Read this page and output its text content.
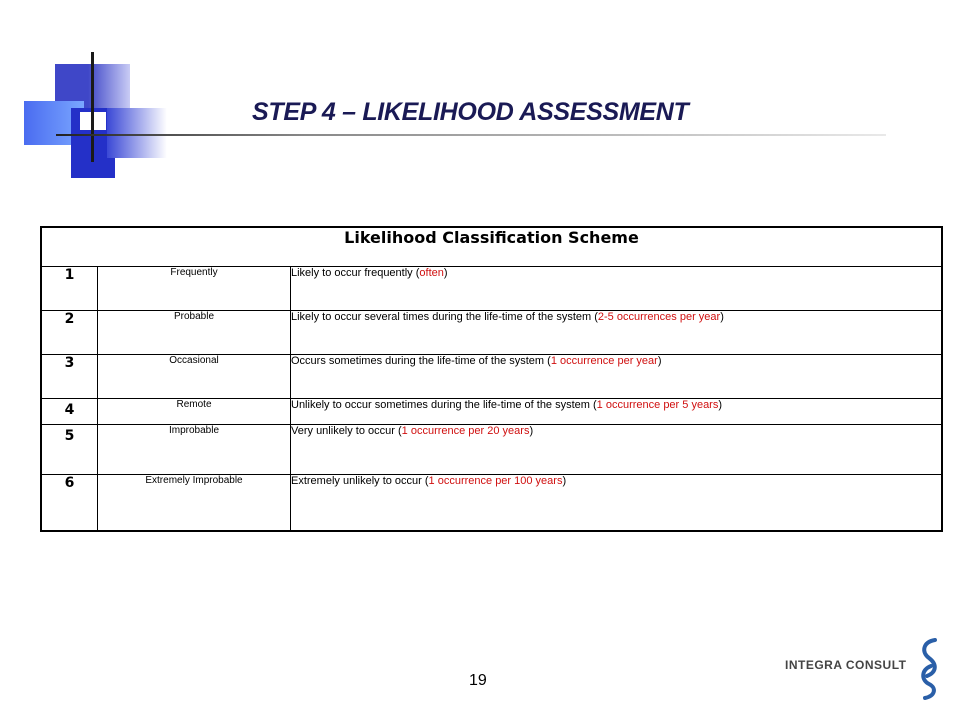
STEP 4 – LIKELIHOOD ASSESSMENT
Likelihood Classification Scheme		
1	Frequently	Likely to occur frequently (often)
2	Probable	Likely to occur several times during the life-time of the system (2-5 occurrences per year)
3	Occasional	Occurs sometimes during the life-time of the system (1 occurrence per year)
4	Remote	Unlikely to occur sometimes during the life-time of the system (1 occurrence per 5 years)
5	Improbable	Very unlikely to occur (1 occurrence per 20 years)
6	Extremely Improbable	Extremely unlikely to occur (1 occurrence per 100 years)
19
INTEGRA CONSULT
